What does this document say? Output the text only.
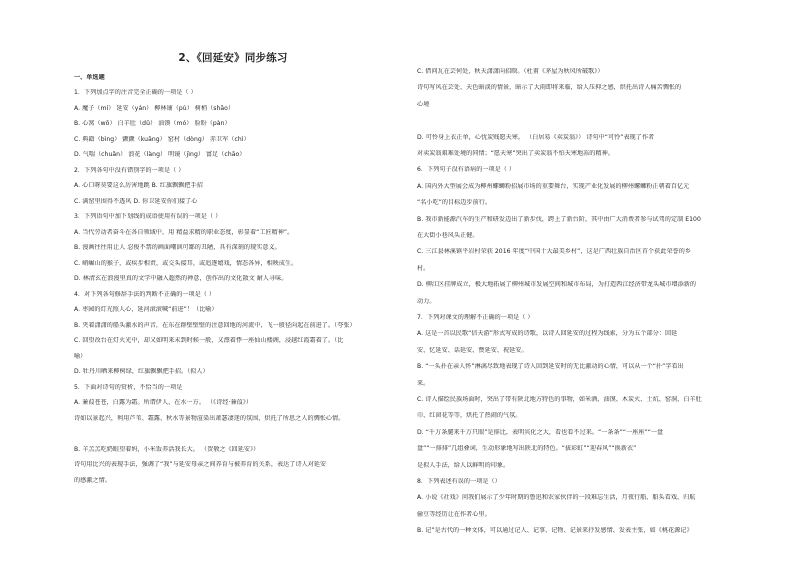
2、《回延安》同步练习
一、单选题
1．下列加点字的注音完全正确的一项是（ ）
A. 魔子（mí） 延安（yán） 柳林铺（pù） 树梢（shāo）
B. 心窝（wō） 白羊肚（dǔ） 油馍（mó） 脸盼（pàn）
C. 典籍（bìng） 颤颤（kuāng） 窑村（dòng） 赤卫军（chì）
D. 气喘（chuǎn） 浪花（làng） 明镜（jìng） 富足（chāo）
2．下列各句中没有错别字的一项是（ ）
A. 心口呀莫要这么厉害地跳 B. 红旗飘飘把手招
C. 满窑里围得不透风 D. 你卫延安你们接了心
3．下列语句中加下划线的成语使用有误的一项是（ ）
A. 当代劳动者奋斗在各自领域中，用 精益求精的职业态度，彰显着“工匠精神”。
B. 漫画往往用让人 忍俊不禁的画面嘲讽可鄙的丑陋，具有深刻的现实意义。
C. 峭崛山的猴子，或疾步相责，或交头接耳，或追逐嬉戏，情态各异，相映成生。
D. 林清玄在浪漫里真的文学中融入超然的禅意，创作出的文化散文 耐人寻味。
4．对下列各句修辞手法的判断不正确的一项是（ ）
A. 枣园的灯光照人心，延河滚滚喊“前进”！（比喻）
B. 夹着潇潇的船头激水的声音，在东在群壁壁壁的注意回地的河流中，飞一般径向起在前进了。（夸张）
C. 回望改台在灯火光中，却又如明来未到时候一般，又漂着悸一座仙山楼阁，浸越红霞霜着了。（比
喻）
D. 牡丹川晒来柳树绿，红旗飘飘把手招。（拟人）
5．下面对诗句的赏析，不恰当的一项是
A. 蒹葭苍苍，白露为霜。所谓伊人，在水一方。 （《诗经·蒹葭》）
诗如以景起兴，利用芦苇、霜露、秋水等景物渲染出萧瑟凄迷的氛围，烘托了所思之人的惆怅心情。
B. 羊羔羔吃奶眼望着妈，小米饭养活我长大。 （贺敬之《回延安》）
诗句用比兴的表现手法，强调了“我”与延安母亲之间养育与被养育的关系，表达了诗人对延安
的感激之情。
C. 借问瓦在芸何处，秋天潇潇向招睽。（杜甫《茅屋为秋风所破歌》）
诗句写风在芸处、天色暗淡的情景，暗示了大雨即将来临，给人压抑之感，烘托出诗人痛苦惆怅的
心境
D. 可怜身上衣正单，心忧炭贱愿天寒。 （白居易《卖炭翁》） 诗句中“可怜”表现了作者
对卖炭翁艰难处境的同情；“愿天寒”突出了卖炭翁不怕天寒地冻的精神。
6．下列句子没有语病的一项是（ ）
A. 国内外大型展会成为柳州螺蛳粉招展市场的重要舞台，实现产业化发展的柳州螺蛳粉正朝着百亿元
“名小吃”的目标迈步前行。
B. 我市新能源汽车的生产和研发迈出了新步伐，跨上了新台阶，其中由广大消费者参与试驾的定制 E100
在大街小巷风头正健。
C. 三江县林溪镇平岩村荣获 2016 年度“中国十大最美乡村”，这是广西壮族自治区首个获此荣誉的乡
村。
D. 柳江区挂牌成立，极大地拓展了柳州城市发展空间和城市布局，为打造西江经济带龙头城市增添新的
动力。
7．下列对课文的理解不正确的一项是（ ）
A. 这是一首以民歌“信天游”形式写成的诗歌，以诗人回延安的过程为线索，分为五个部分：回延
安、忆延安、话延安、赞延安、祝延安。
B. “一头扑在亲人怀”淋漓尽致地表现了诗人回到延安时的无比激动的心情，可以从一个“扑”字看出
来。
C. 诗人描绘民族场面时，突出了带有陕北地方特色的事物，如米酒、油馍、木炭火、土炕、窑洞、白羊肚
巾、红窗花等等，烘托了热闹的气氛。
D. “千万条腿来千万只眼”是排比，表明宾化之大，看也看不过来。“一条条”“一座座”“一盘
盘”“一排排”几组叠词，生动形象地写出陕北的特色。“拔彩虹”“迎春风”“换新衣”
是拟人手法，给人以鲜明的印象。
8．下列表述有误的一项是（）
A. 小说《社戏》问我们展示了少年时期的鲁迅和农家伙伴的一段难忘生活，月夜行船、船头看戏、归航
偷豆等经历让在作者心里。
B. 记”是古代的一种文体，可以通过记人、记事、记物、记景来抒发感情、发表主张，如《桃花源记》
